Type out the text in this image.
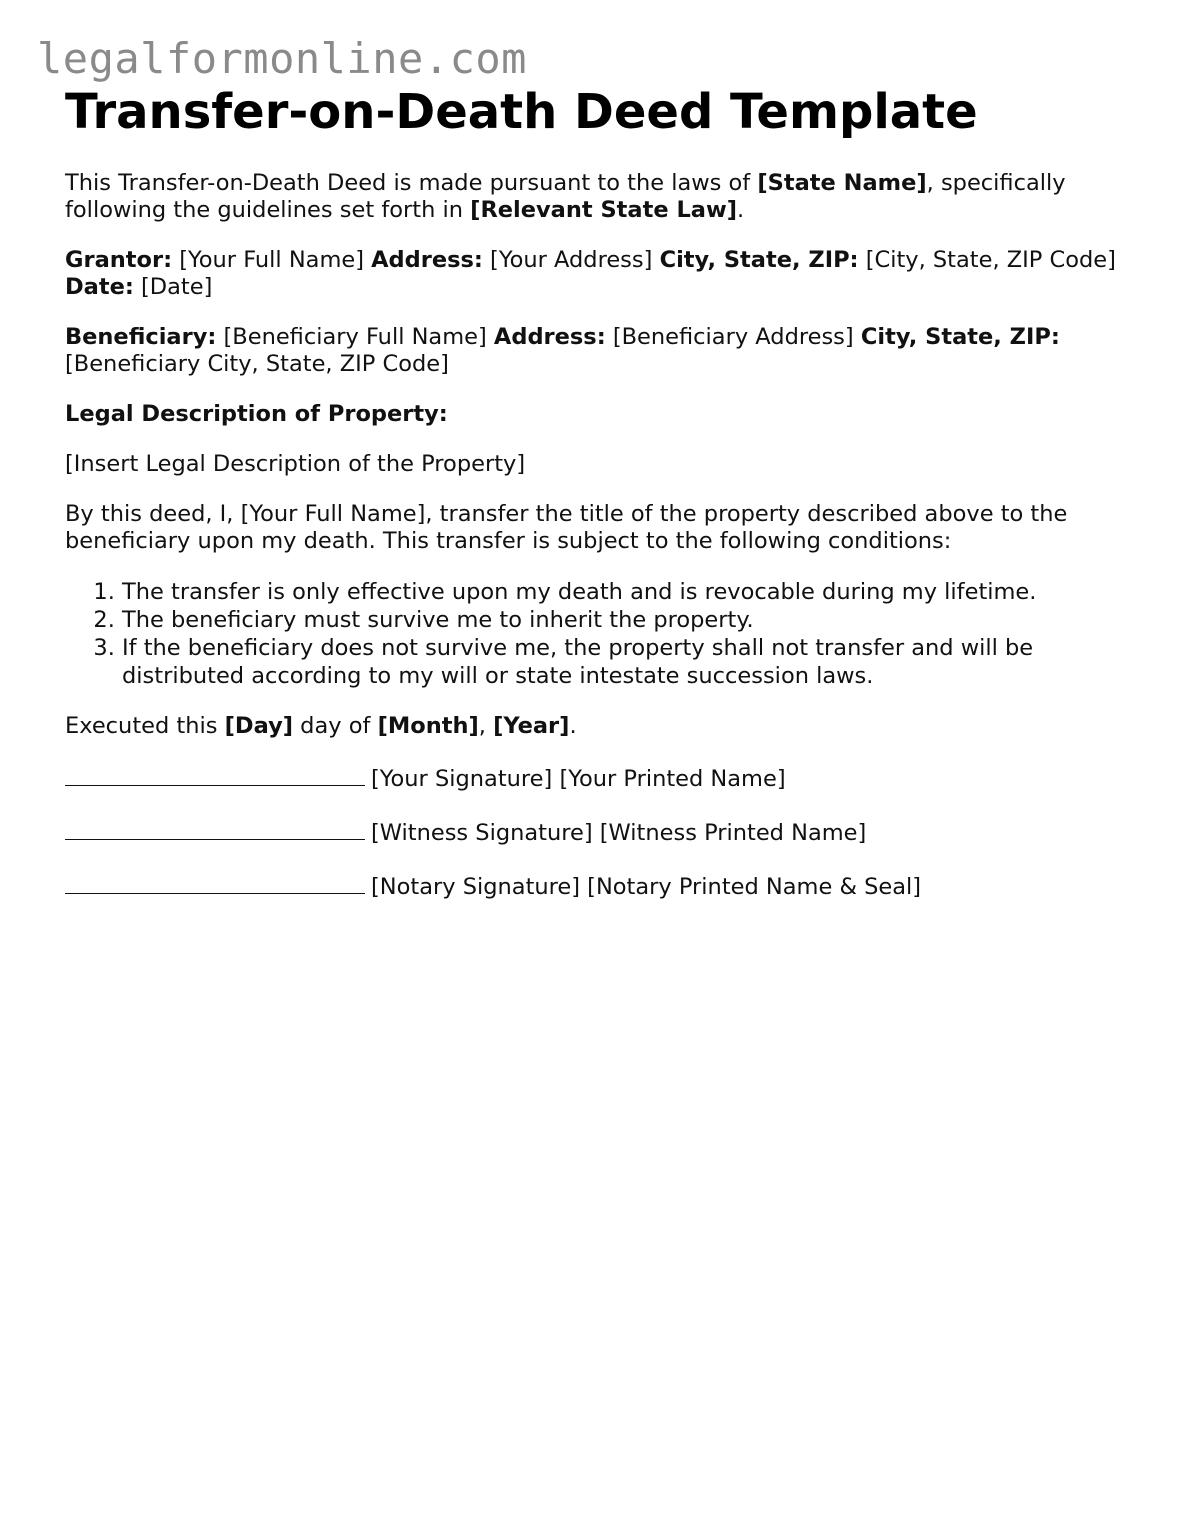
legalformonline.com
Transfer-on-Death Deed Template

This Transfer-on-Death Deed is made pursuant to the laws of [State Name], specifically following the guidelines set forth in [Relevant State Law].

Grantor: [Your Full Name] Address: [Your Address] City, State, ZIP: [City, State, ZIP Code] Date: [Date]

Beneficiary: [Beneficiary Full Name] Address: [Beneficiary Address] City, State, ZIP: [Beneficiary City, State, ZIP Code]

Legal Description of Property:

[Insert Legal Description of the Property]

By this deed, I, [Your Full Name], transfer the title of the property described above to the beneficiary upon my death. This transfer is subject to the following conditions:

1. The transfer is only effective upon my death and is revocable during my lifetime.
2. The beneficiary must survive me to inherit the property.
3. If the beneficiary does not survive me, the property shall not transfer and will be distributed according to my will or state intestate succession laws.

Executed this [Day] day of [Month], [Year].

[Your Signature] [Your Printed Name]

[Witness Signature] [Witness Printed Name]

[Notary Signature] [Notary Printed Name & Seal]
